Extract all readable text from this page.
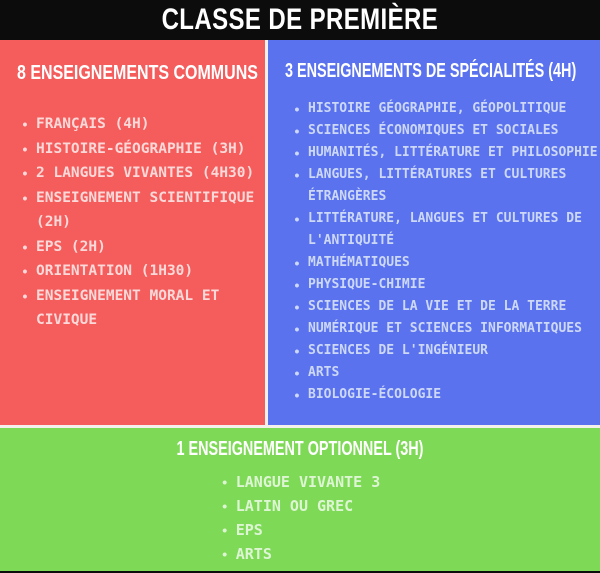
CLASSE DE PREMIÈRE
8 ENSEIGNEMENTS COMMUNS
• FRANÇAIS (4H)
• HISTOIRE-GÉOGRAPHIE (3H)
• 2 LANGUES VIVANTES (4H30)
• ENSEIGNEMENT SCIENTIFIQUE (2H)
• EPS (2H)
• ORIENTATION (1H30)
• ENSEIGNEMENT MORAL ET CIVIQUE
3 ENSEIGNEMENTS DE SPÉCIALITÉS (4H)
• HISTOIRE GÉOGRAPHIE, GÉOPOLITIQUE
• SCIENCES ÉCONOMIQUES ET SOCIALES
• HUMANITÉS, LITTÉRATURE ET PHILOSOPHIE
• LANGUES, LITTÉRATURES ET CULTURES ÉTRANGÈRES
• LITTÉRATURE, LANGUES ET CULTURES DE L'ANTIQUITÉ
• MATHÉMATIQUES
• PHYSIQUE-CHIMIE
• SCIENCES DE LA VIE ET DE LA TERRE
• NUMÉRIQUE ET SCIENCES INFORMATIQUES
• SCIENCES DE L'INGÉNIEUR
• ARTS
• BIOLOGIE-ÉCOLOGIE
1 ENSEIGNEMENT OPTIONNEL (3H)
• LANGUE VIVANTE 3
• LATIN OU GREC
• EPS
• ARTS
